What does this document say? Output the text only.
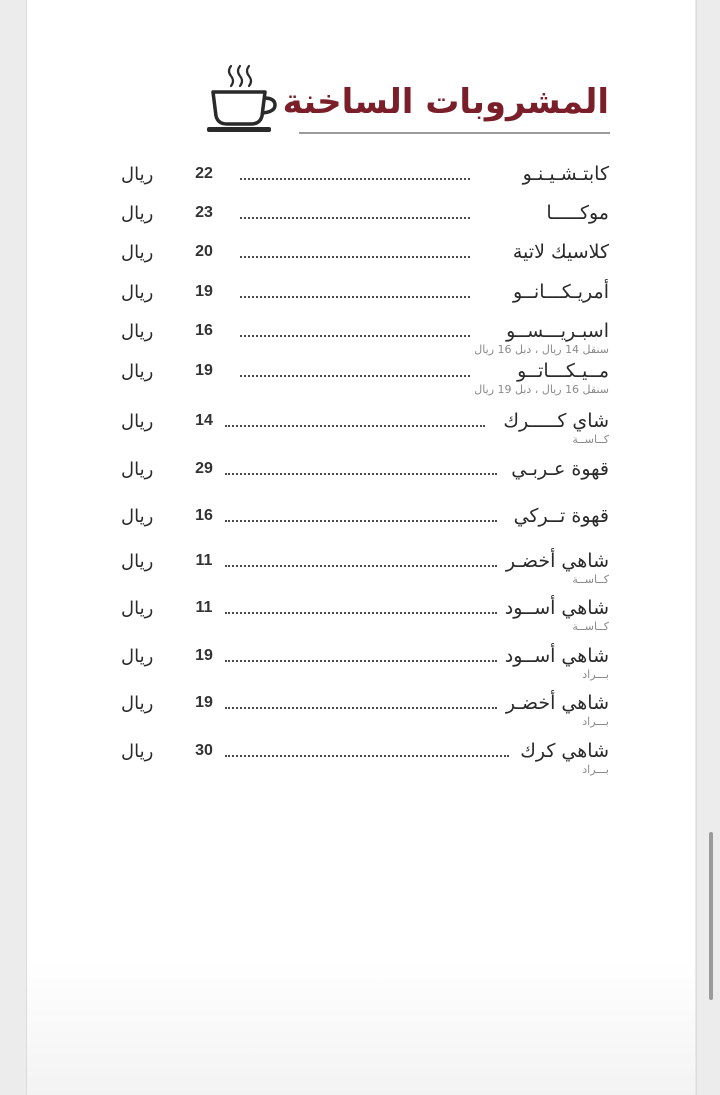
المشروبات الساخنة
كابتـشـيـنـو
22
ريال
موكـــــا
23
ريال
كلاسيك لاتية
20
ريال
أمريـكـــانــو
19
ريال
اسبـريـــســو
16
ريال
سنقل 14 ريال ، دبل 16 ريال
مــيـكـــاتــو
19
ريال
سنقل 16 ريال ، دبل 19 ريال
شاي كـــــرك
14
ريال
كــاســة
قهوة عـربـي
29
ريال
قهوة تــركي
16
ريال
شاهي أخضـر
11
ريال
كــاســة
شاهي أســود
11
ريال
كــاســة
شاهي أســود
19
ريال
بـــراد
شاهي أخضـر
19
ريال
بـــراد
شاهي كرك
30
ريال
بـــراد
